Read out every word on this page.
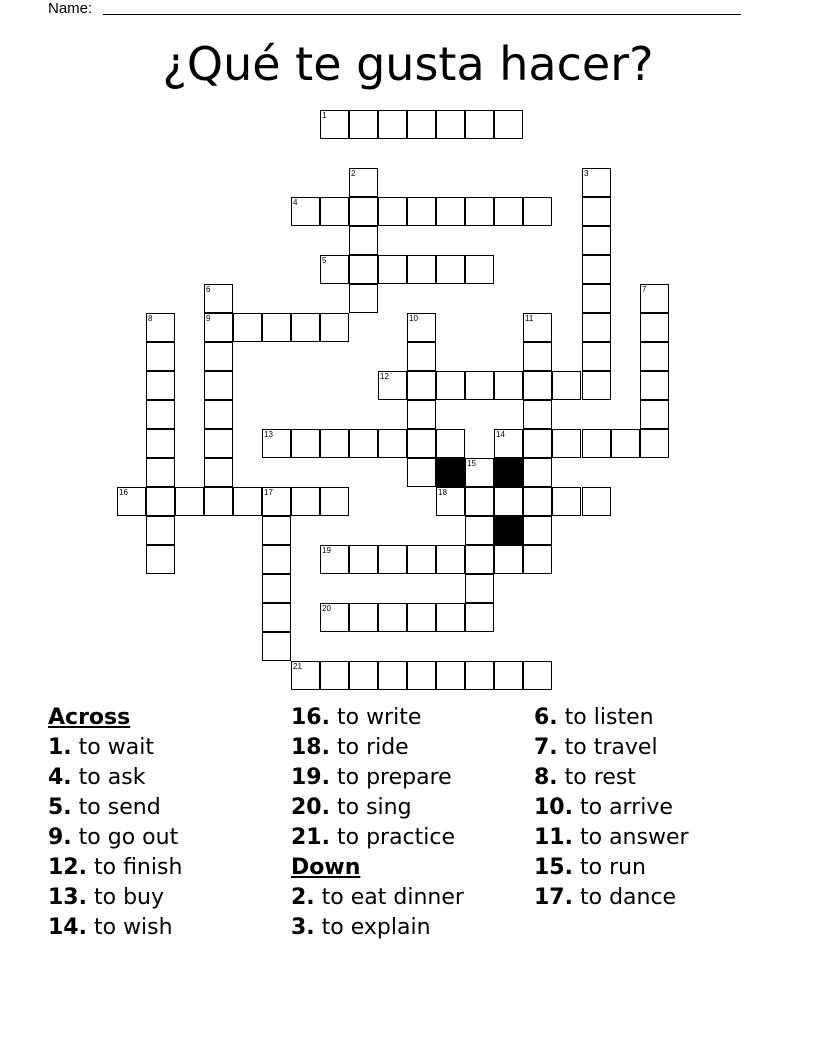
Name:
¿Qué te gusta hacer?
1
2	3
4
5
6	7
8	9	10	11
12
13	14
15
16	17	18
19
20
21
Across
1. to wait
4. to ask
5. to send
9. to go out
12. to finish
13. to buy
14. to wish
16. to write
18. to ride
19. to prepare
20. to sing
21. to practice
Down
2. to eat dinner
3. to explain
6. to listen
7. to travel
8. to rest
10. to arrive
11. to answer
15. to run
17. to dance
